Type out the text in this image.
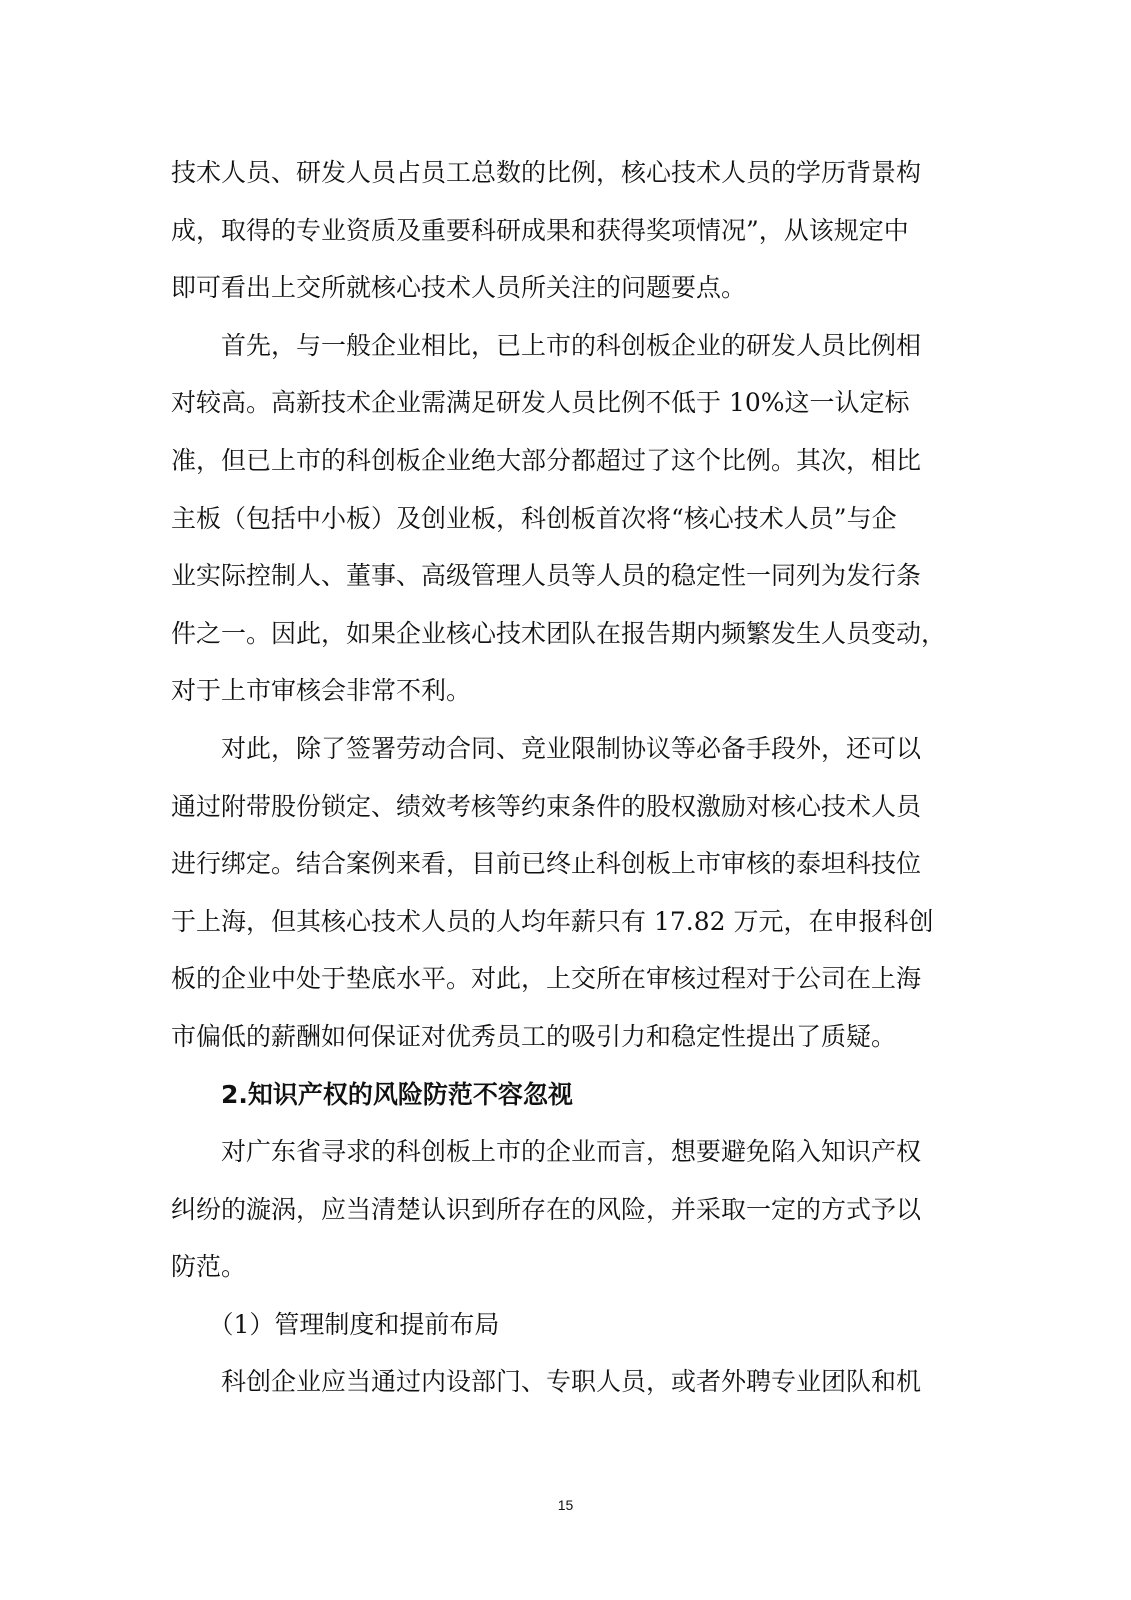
技术人员、研发人员占员工总数的比例，核心技术人员的学历背景构
成，取得的专业资质及重要科研成果和获得奖项情况”，从该规定中
即可看出上交所就核心技术人员所关注的问题要点。
　　首先，与一般企业相比，已上市的科创板企业的研发人员比例相
对较高。高新技术企业需满足研发人员比例不低于 10%这一认定标
准，但已上市的科创板企业绝大部分都超过了这个比例。其次，相比
主板（包括中小板）及创业板，科创板首次将“核心技术人员”与企
业实际控制人、董事、高级管理人员等人员的稳定性一同列为发行条
件之一。因此，如果企业核心技术团队在报告期内频繁发生人员变动，
对于上市审核会非常不利。
　　对此，除了签署劳动合同、竞业限制协议等必备手段外，还可以
通过附带股份锁定、绩效考核等约束条件的股权激励对核心技术人员
进行绑定。结合案例来看，目前已终止科创板上市审核的泰坦科技位
于上海，但其核心技术人员的人均年薪只有 17.82 万元，在申报科创
板的企业中处于垫底水平。对此，上交所在审核过程对于公司在上海
市偏低的薪酬如何保证对优秀员工的吸引力和稳定性提出了质疑。
　　2.知识产权的风险防范不容忽视
　　对广东省寻求的科创板上市的企业而言，想要避免陷入知识产权
纠纷的漩涡，应当清楚认识到所存在的风险，并采取一定的方式予以
防范。
　　（1）管理制度和提前布局
　　科创企业应当通过内设部门、专职人员，或者外聘专业团队和机
15
